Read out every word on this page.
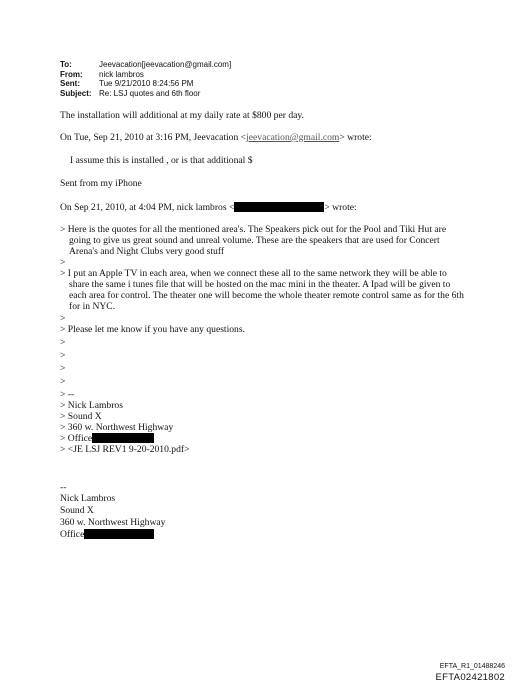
To:	Jeevacation[jeevacation@gmail.com]
From:	nick lambros
Sent:	Tue 9/21/2010 8:24:56 PM
Subject: Re: LSJ quotes and 6th floor
The installation will additional at my daily rate at $800 per day.
On Tue, Sep 21, 2010 at 3:16 PM, Jeevacation <jeevacation@gmail.com> wrote:
I assume this is installed , or is that additional $
Sent from my iPhone
On Sep 21, 2010, at 4:04 PM, nick lambros <	> wrote:
> Here is the quotes for all the mentioned area's. The Speakers pick out for the Pool and Tiki Hut are going to give us great sound and unreal volume. These are the speakers that are used for Concert Arena's and Night Clubs very good stuff
>
> I put an Apple TV in each area, when we connect these all to the same network they will be able to share the same i tunes file that will be hosted on the mac mini in the theater. A Ipad will be given to each area for control. The theater one will become the whole theater remote control same as for the 6th for in NYC.
>
> Please let me know if you have any questions.
>
>
>
>
> --
> Nick Lambros
> Sound X
> 360 w. Northwest Highway
> Office
> <JE LSJ REV1 9-20-2010.pdf>
--
Nick Lambros
Sound X
360 w. Northwest Highway
Office
EFTA_R1_01488246
EFTA02421802
